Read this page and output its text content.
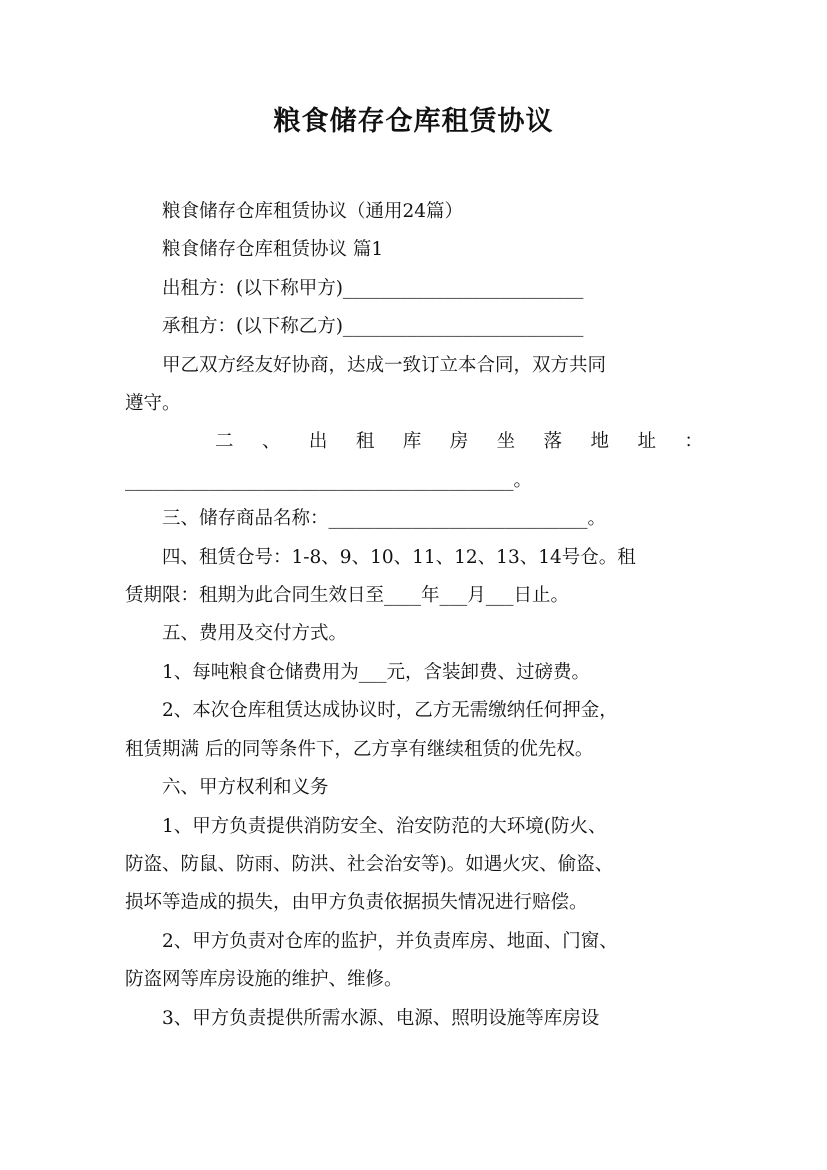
粮食储存仓库租赁协议
粮食储存仓库租赁协议（通用24篇）
粮食储存仓库租赁协议 篇1
出租方：(以下称甲方)__________________________
承租方：(以下称乙方)__________________________
甲乙双方经友好协商，达成一致订立本合同，双方共同
遵守。
二 、 出 租 库 房 坐 落 地 址 ：
__________________________________________。
三、储存商品名称：____________________________。
四、租赁仓号：1-8、9、10、11、12、13、14号仓。租
赁期限：租期为此合同生效日至____年___月___日止。
五、费用及交付方式。
1、每吨粮食仓储费用为___元，含装卸费、过磅费。
2、本次仓库租赁达成协议时，乙方无需缴纳任何押金，
租赁期满 后的同等条件下，乙方享有继续租赁的优先权。
六、甲方权利和义务
1、甲方负责提供消防安全、治安防范的大环境(防火、
防盗、防鼠、防雨、防洪、社会治安等)。如遇火灾、偷盗、
损坏等造成的损失，由甲方负责依据损失情况进行赔偿。
2、甲方负责对仓库的监护，并负责库房、地面、门窗、
防盗网等库房设施的维护、维修。
3、甲方负责提供所需水源、电源、照明设施等库房设
